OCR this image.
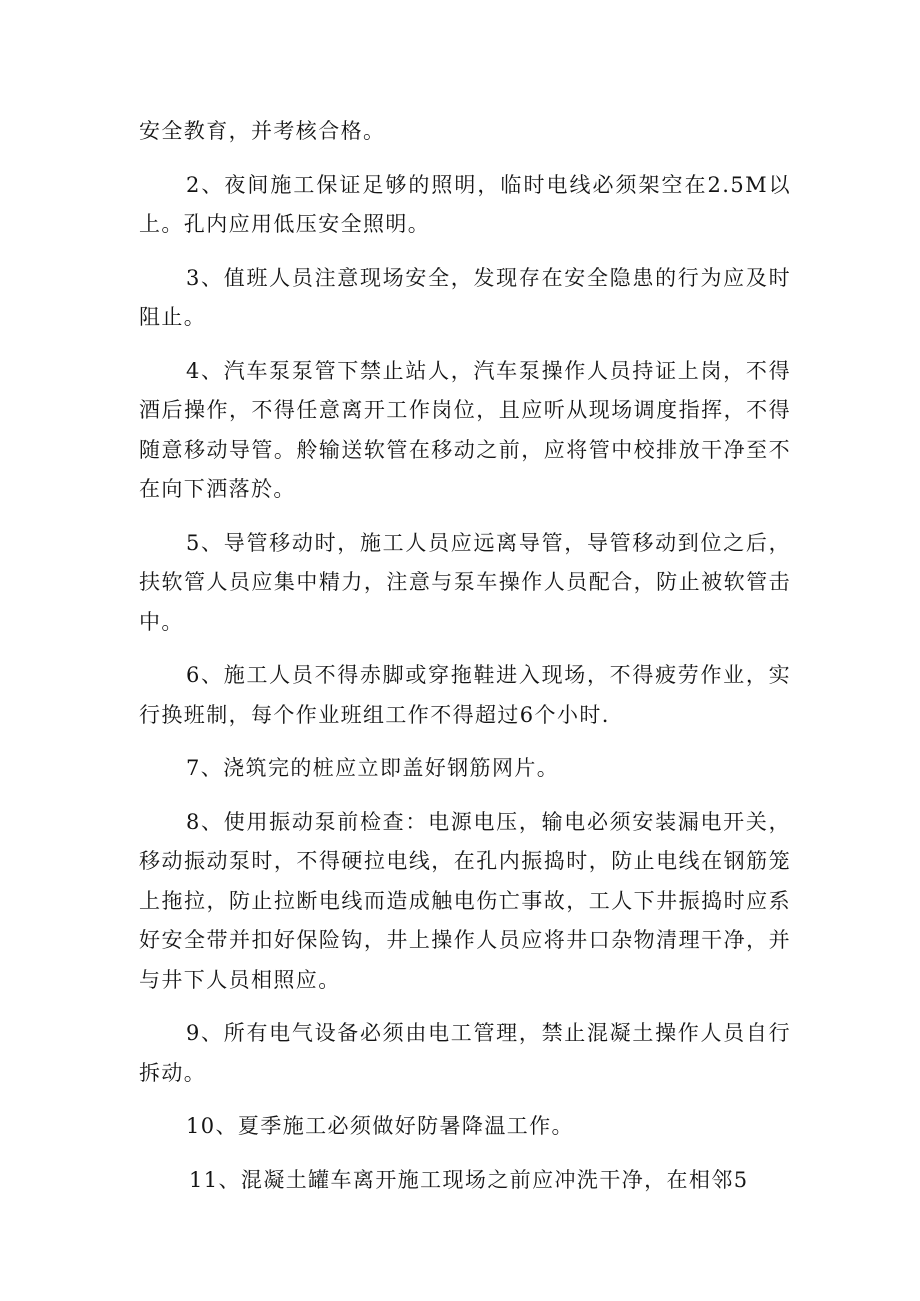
安全教育，并考核合格。

2、夜间施工保证足够的照明，临时电线必须架空在2.5M以上。孔内应用低压安全照明。

3、值班人员注意现场安全，发现存在安全隐患的行为应及时阻止。

4、汽车泵泵管下禁止站人，汽车泵操作人员持证上岗，不得酒后操作，不得任意离开工作岗位，且应听从现场调度指挥，不得随意移动导管。舲输送软管在移动之前，应将管中校排放干净至不在向下洒落於。

5、导管移动时，施工人员应远离导管，导管移动到位之后，扶软管人员应集中精力，注意与泵车操作人员配合，防止被软管击中。

6、施工人员不得赤脚或穿拖鞋进入现场，不得疲劳作业，实行换班制，每个作业班组工作不得超过6个小时.

7、浇筑完的桩应立即盖好钢筋网片。

8、使用振动泵前检查：电源电压，输电必须安装漏电开关，移动振动泵时，不得硬拉电线，在孔内振捣时，防止电线在钢筋笼上拖拉，防止拉断电线而造成触电伤亡事故，工人下井振捣时应系好安全带并扣好保险钩，井上操作人员应将井口杂物清理干净，并与井下人员相照应。

9、所有电气设备必须由电工管理，禁止混凝土操作人员自行拆动。

10、夏季施工必须做好防暑降温工作。

11、混凝土罐车离开施工现场之前应冲洗干净，在相邻5
